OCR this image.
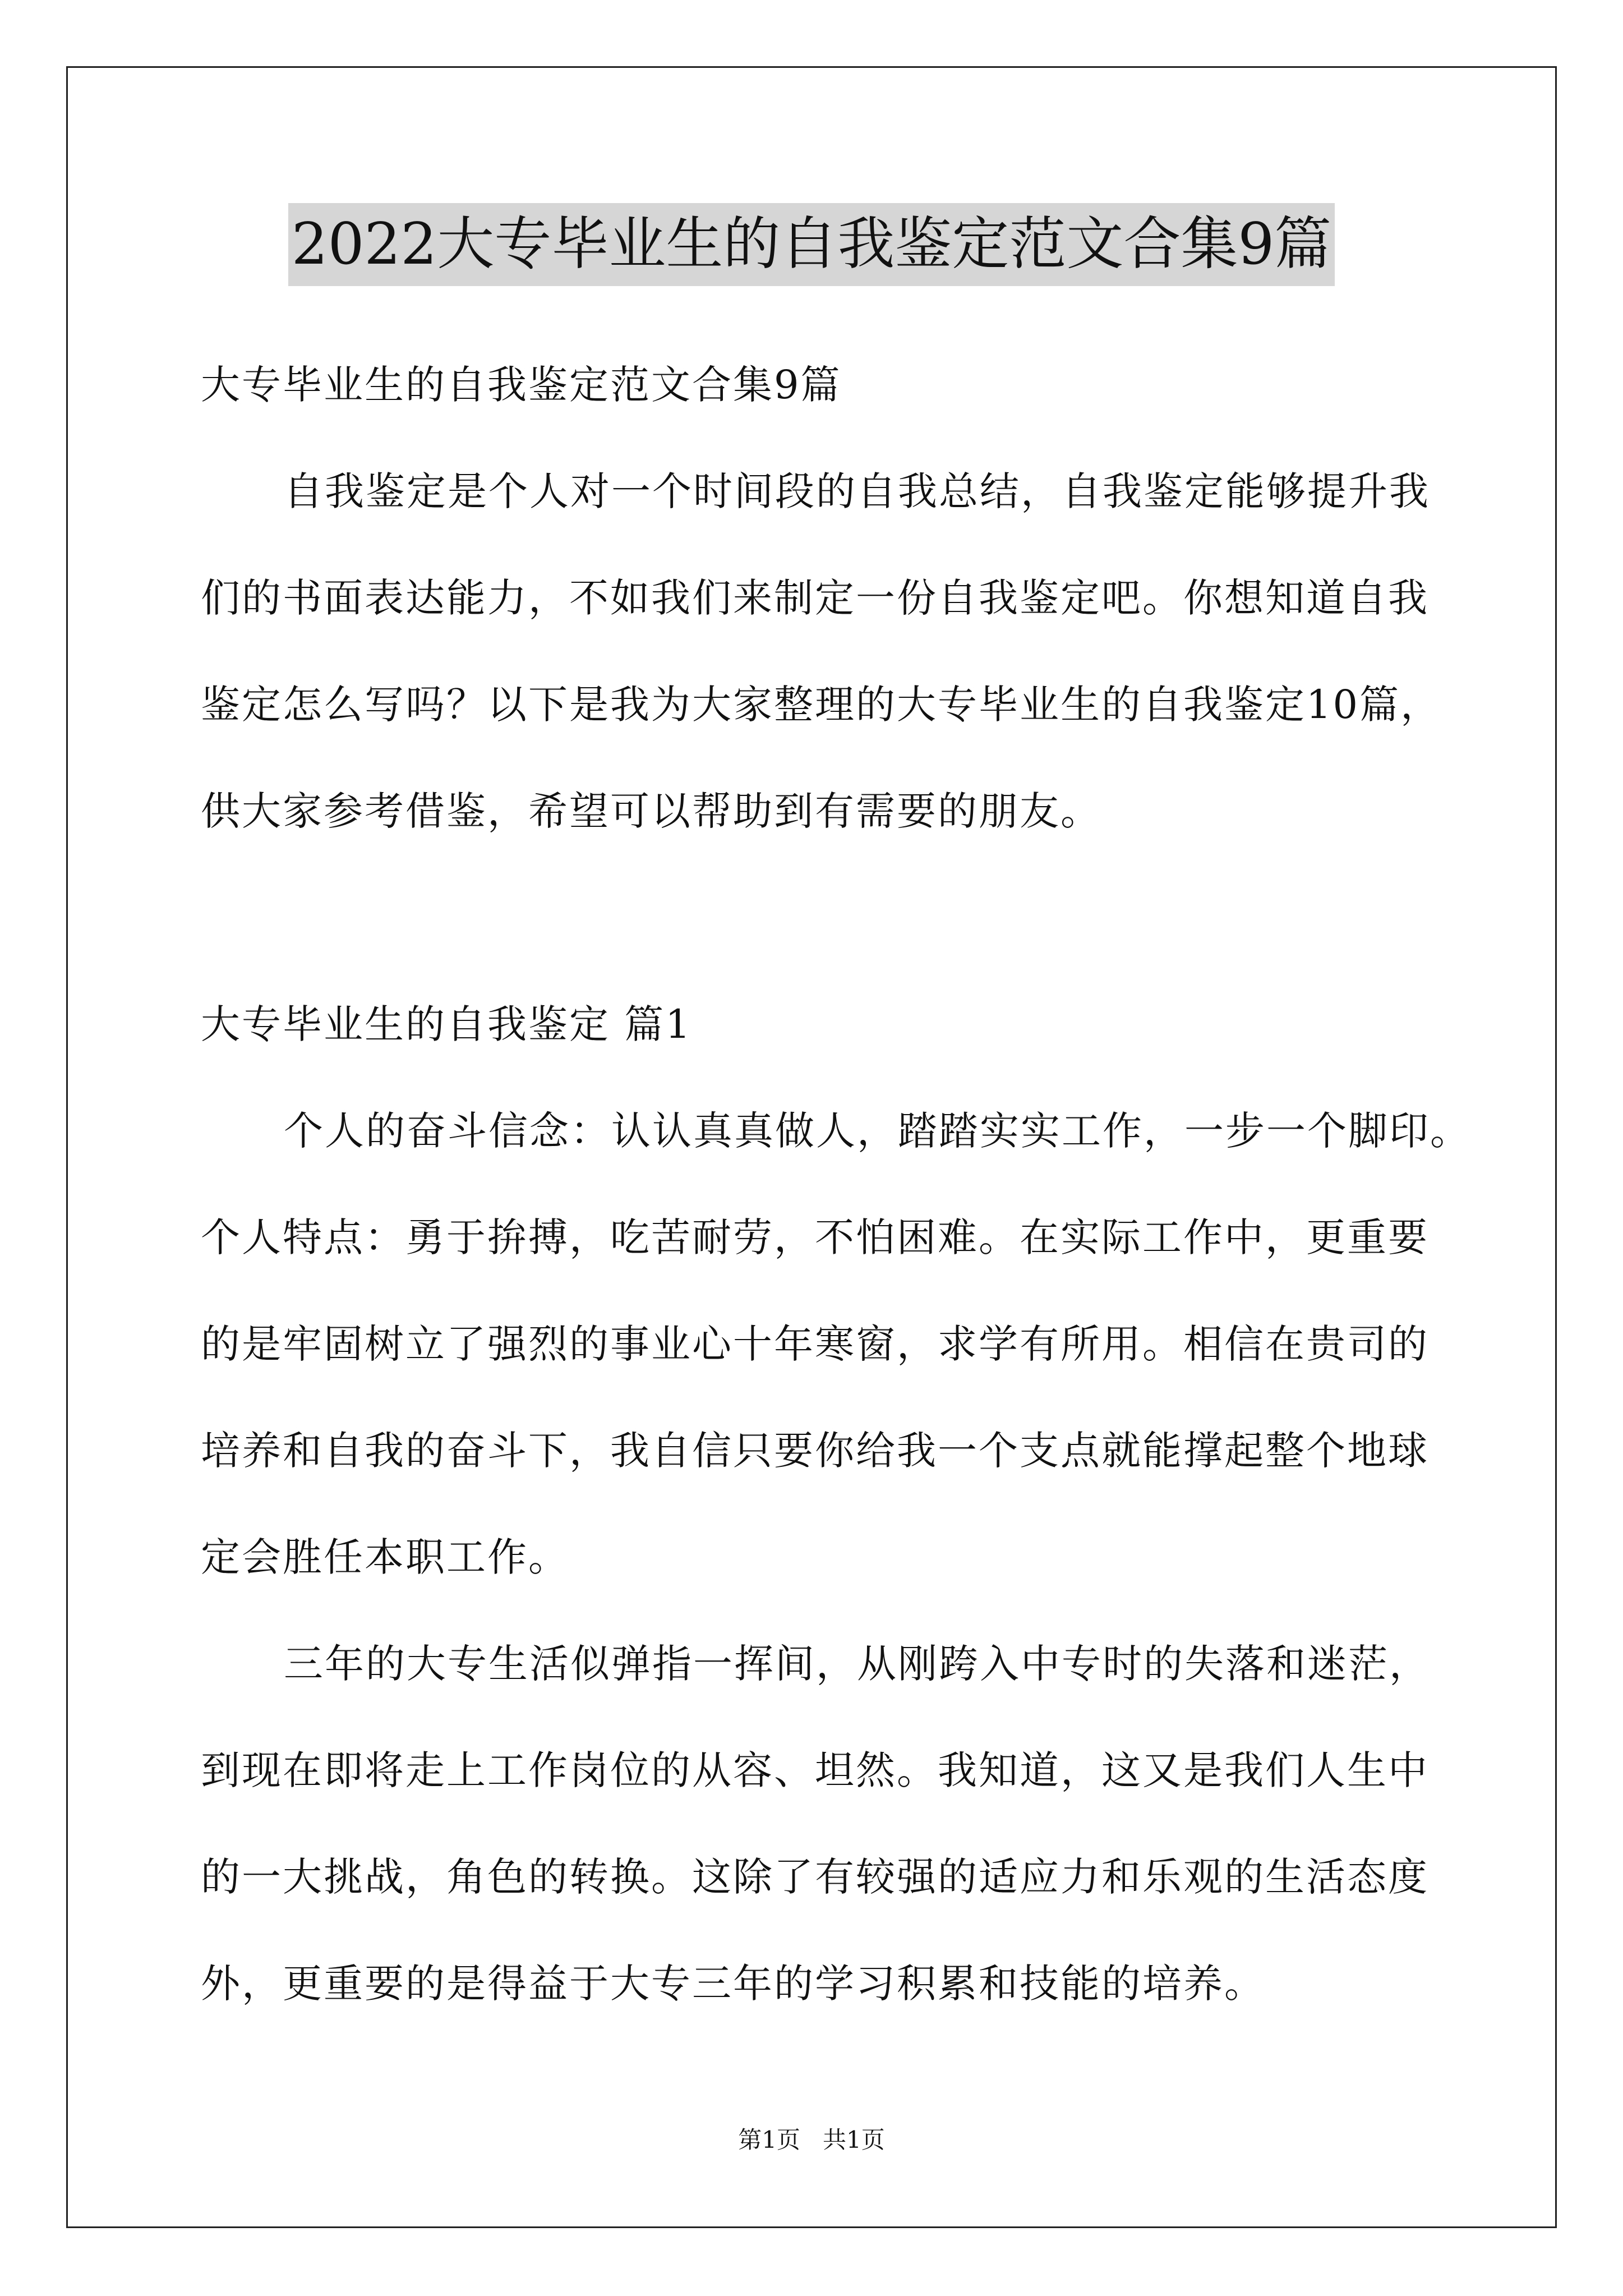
2022大专毕业生的自我鉴定范文合集9篇
大专毕业生的自我鉴定范文合集9篇
自我鉴定是个人对一个时间段的自我总结，自我鉴定能够提升我
们的书面表达能力，不如我们来制定一份自我鉴定吧。你想知道自我
鉴定怎么写吗？以下是我为大家整理的大专毕业生的自我鉴定10篇，
供大家参考借鉴，希望可以帮助到有需要的朋友。
大专毕业生的自我鉴定 篇1
个人的奋斗信念：认认真真做人，踏踏实实工作，一步一个脚印。
个人特点：勇于拚搏，吃苦耐劳，不怕困难。在实际工作中，更重要
的是牢固树立了强烈的事业心十年寒窗，求学有所用。相信在贵司的
培养和自我的奋斗下，我自信只要你给我一个支点就能撑起整个地球
定会胜任本职工作。
三年的大专生活似弹指一挥间，从刚跨入中专时的失落和迷茫，
到现在即将走上工作岗位的从容、坦然。我知道，这又是我们人生中
的一大挑战，角色的转换。这除了有较强的适应力和乐观的生活态度
外，更重要的是得益于大专三年的学习积累和技能的培养。
第1页 共1页
